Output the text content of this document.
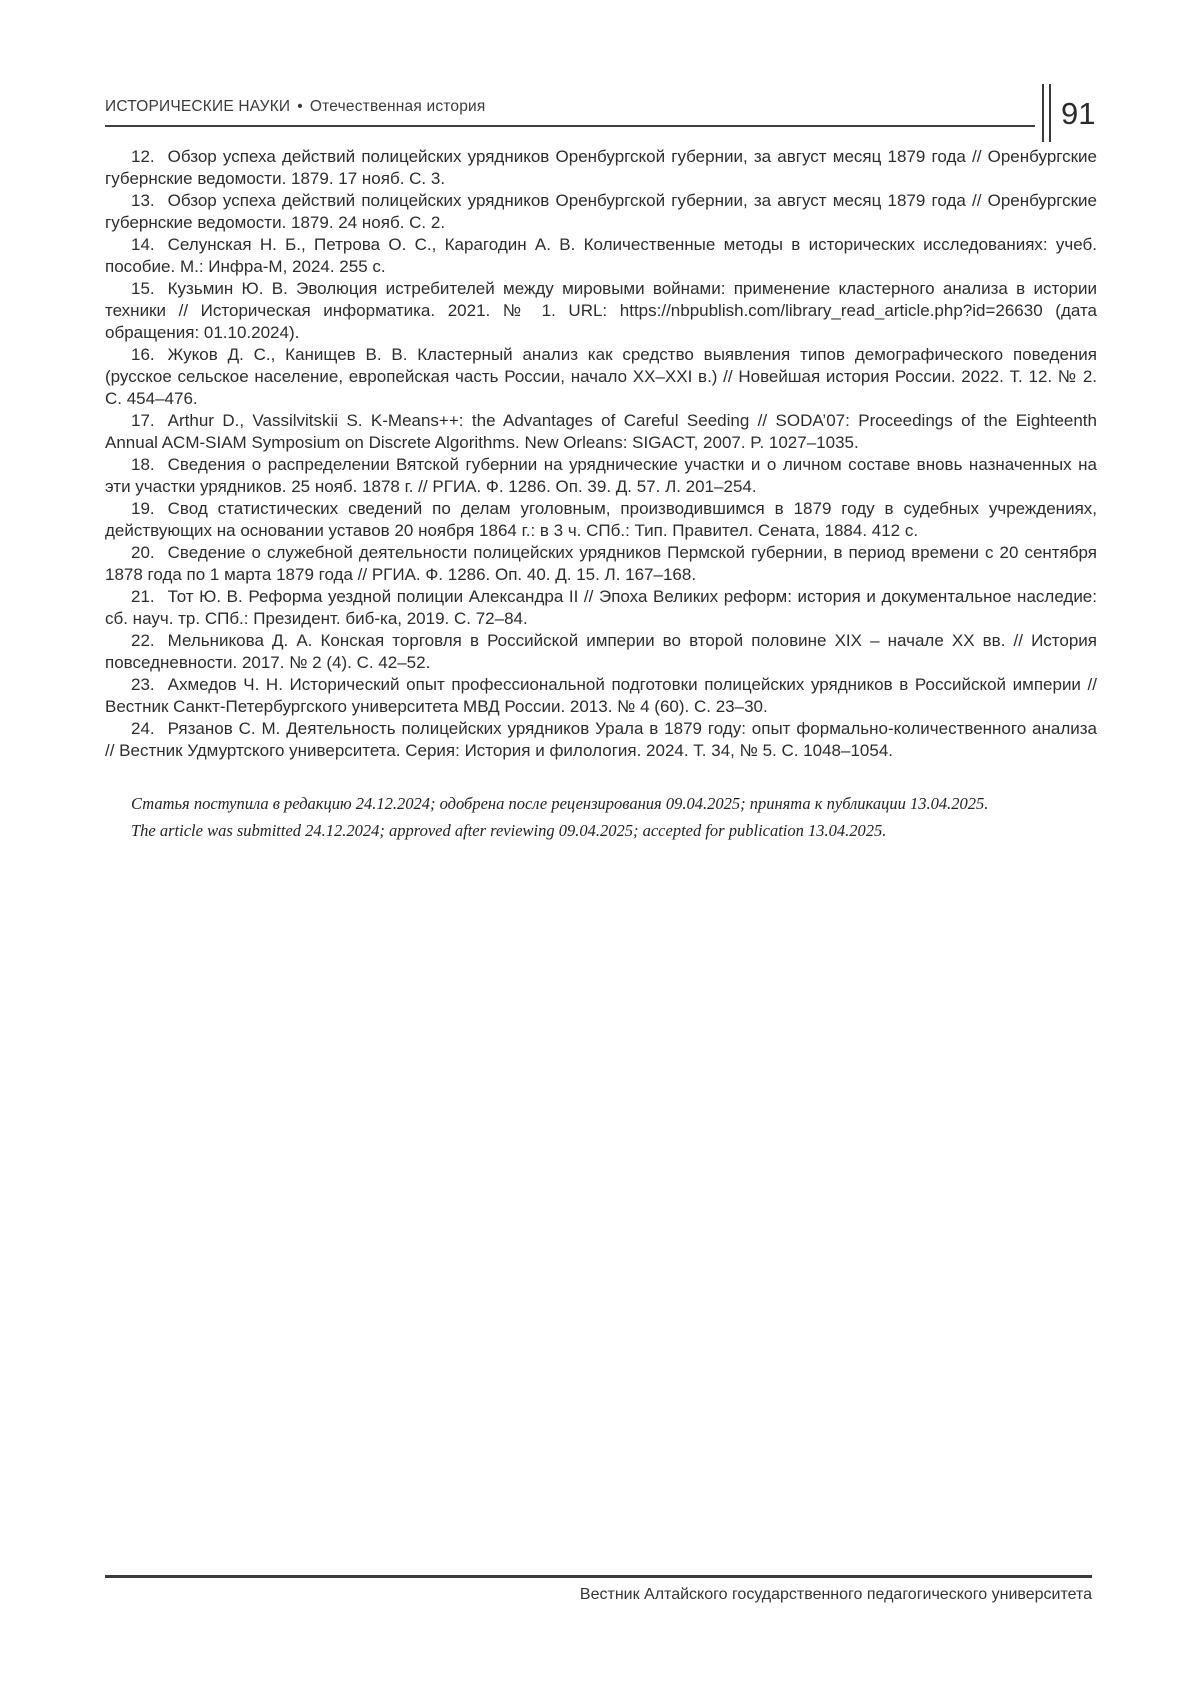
ИСТОРИЧЕСКИЕ НАУКИ • Отечественная история	91

12. Обзор успеха действий полицейских урядников Оренбургской губернии, за август месяц 1879 года // Оренбургские губернские ведомости. 1879. 17 нояб. С. 3.

13. Обзор успеха действий полицейских урядников Оренбургской губернии, за август месяц 1879 года // Оренбургские губернские ведомости. 1879. 24 нояб. С. 2.

14. Селунская Н. Б., Петрова О. С., Карагодин А. В. Количественные методы в исторических исследованиях: учеб. пособие. М.: Инфра-М, 2024. 255 с.

15. Кузьмин Ю. В. Эволюция истребителей между мировыми войнами: применение кластерного анализа в истории техники // Историческая информатика. 2021. № 1. URL: https://nbpublish.com/library_read_article.php?id=26630 (дата обращения: 01.10.2024).

16. Жуков Д. С., Канищев В. В. Кластерный анализ как средство выявления типов демографического поведения (русское сельское население, европейская часть России, начало XX–XXI в.) // Новейшая история России. 2022. Т. 12. № 2. С. 454–476.

17. Arthur D., Vassilvitskii S. K-Means++: the Advantages of Careful Seeding // SODA’07: Proceedings of the Eighteenth Annual ACM-SIAM Symposium on Discrete Algorithms. New Orleans: SIGACT, 2007. P. 1027–1035.

18. Сведения о распределении Вятской губернии на уряднические участки и о личном составе вновь назначенных на эти участки урядников. 25 нояб. 1878 г. // РГИА. Ф. 1286. Оп. 39. Д. 57. Л. 201–254.

19. Свод статистических сведений по делам уголовным, производившимся в 1879 году в судебных учреждениях, действующих на основании уставов 20 ноября 1864 г.: в 3 ч. СПб.: Тип. Правител. Сената, 1884. 412 с.

20. Сведение о служебной деятельности полицейских урядников Пермской губернии, в период времени с 20 сентября 1878 года по 1 марта 1879 года // РГИА. Ф. 1286. Оп. 40. Д. 15. Л. 167–168.

21. Тот Ю. В. Реформа уездной полиции Александра II // Эпоха Великих реформ: история и документальное наследие: сб. науч. тр. СПб.: Президент. биб-ка, 2019. С. 72–84.

22. Мельникова Д. А. Конская торговля в Российской империи во второй половине XIX – начале XX вв. // История повседневности. 2017. № 2 (4). С. 42–52.

23. Ахмедов Ч. Н. Исторический опыт профессиональной подготовки полицейских урядников в Российской империи // Вестник Санкт-Петербургского университета МВД России. 2013. № 4 (60). С. 23–30.

24. Рязанов С. М. Деятельность полицейских урядников Урала в 1879 году: опыт формально-количественного анализа // Вестник Удмуртского университета. Серия: История и филология. 2024. Т. 34, № 5. С. 1048–1054.

Статья поступила в редакцию 24.12.2024; одобрена после рецензирования 09.04.2025; принята к публикации 13.04.2025.

The article was submitted 24.12.2024; approved after reviewing 09.04.2025; accepted for publication 13.04.2025.

Вестник Алтайского государственного педагогического университета
